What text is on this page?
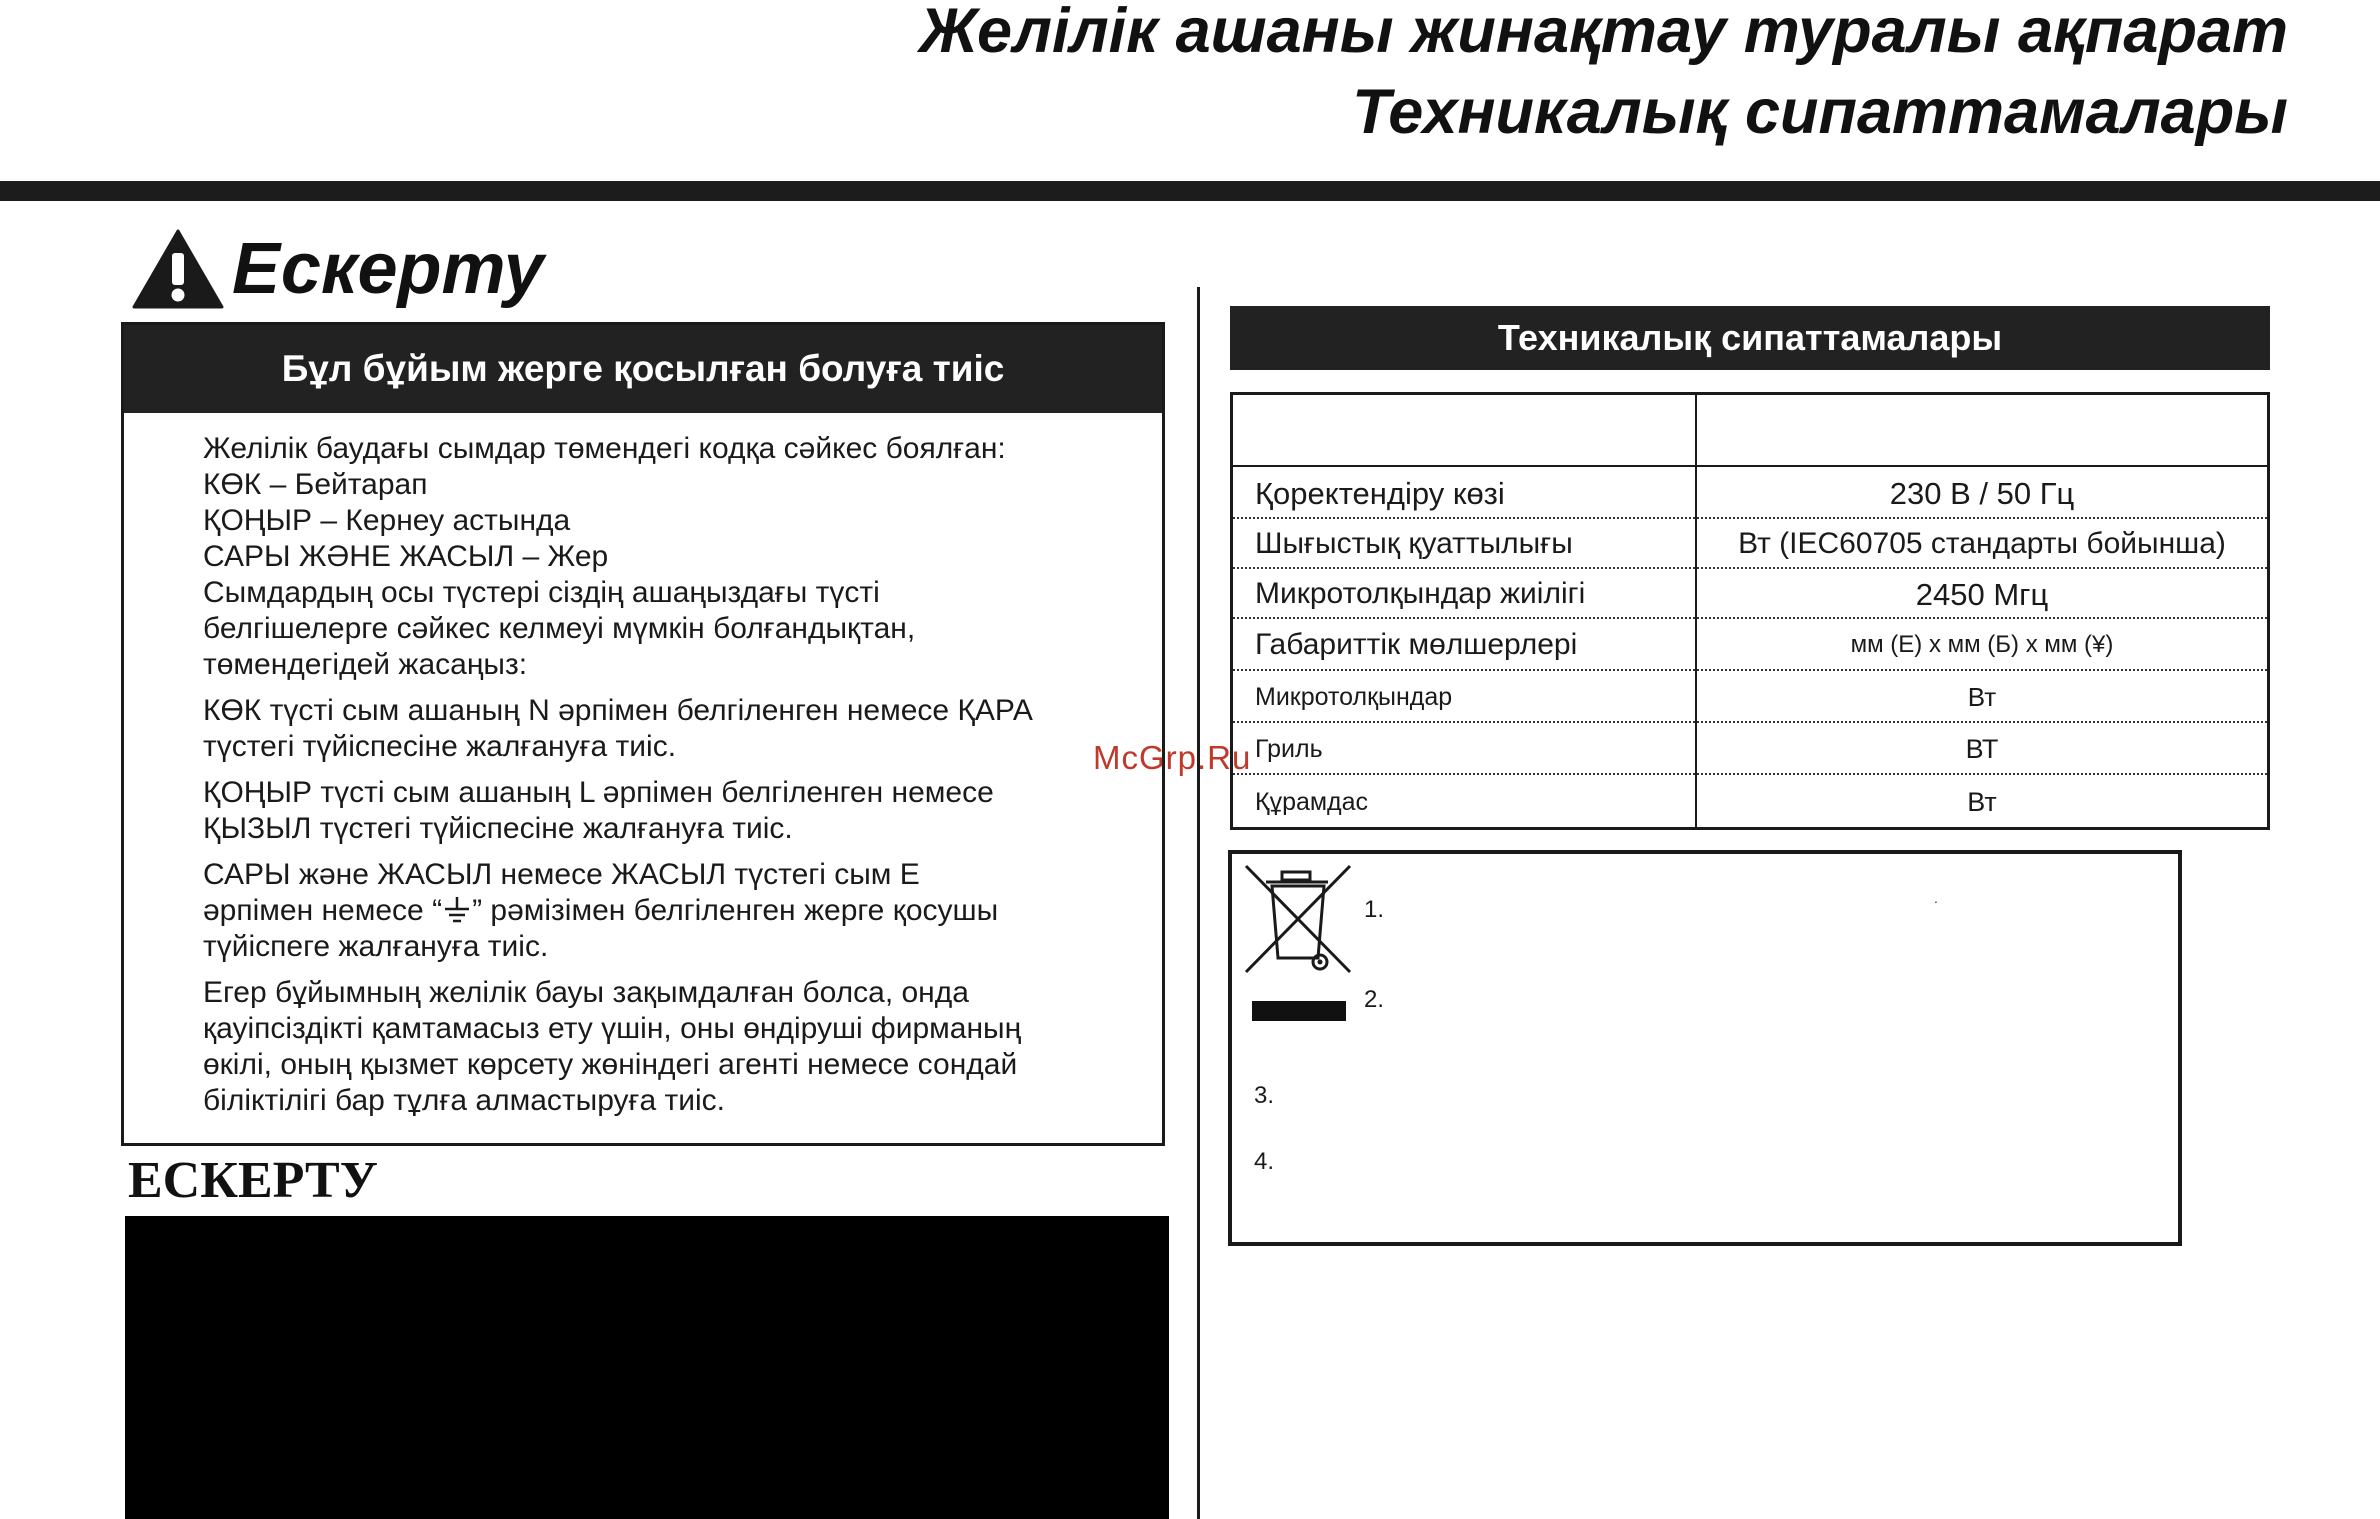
Желілік ашаны жинақтау туралы ақпарат
Техникалық сипаттамалары
Ескерту
Бұл бұйым жерге қосылған болуға тиіс
Желілік баудағы сымдар төмендегі кодқа сәйкес боялған:
КӨК – Бейтарап
ҚОҢЫР – Кернеу астында
САРЫ ЖӘНЕ ЖАСЫЛ – Жер
Сымдардың осы түстері сіздің ашаңыздағы түсті
белгішелерге сәйкес келмеуі мүмкін болғандықтан,
төмендегідей жасаңыз:
КӨК түсті сым ашаның N әрпімен белгіленген немесе ҚАРА
түстегі түйіспесіне жалғануға тиіс.
ҚОҢЫР түсті сым ашаның L әрпімен белгіленген немесе
ҚЫЗЫЛ түстегі түйіспесіне жалғануға тиіс.
САРЫ және ЖАСЫЛ немесе ЖАСЫЛ түстегі сым Е
әрпімен немесе “ ” рәмізімен белгіленген жерге қосушы
түйіспеге жалғануға тиіс.
Егер бұйымның желілік бауы зақымдалған болса, онда
қауіпсіздікті қамтамасыз ету үшін, оны өндіруші фирманың
өкілі, оның қызмет көрсету жөніндегі агенті немесе сондай
біліктілігі бар тұлға алмастыруға тиіс.
ЕСКЕРТУ
Техникалық сипаттамалары
Қоректендіру көзі	230 В / 50 Гц
Шығыстық қуаттылығы	Вт (IEC60705 стандарты бойынша)
Микротолқындар жиілігі	2450 Мгц
Габариттік мөлшерлері	мм (Е) х мм (Б) х мм (¥)
Микротолқындар	Вт
Гриль	ВТ
Құрамдас	Вт
1.
2.
3.
4.
.
McGrp.Ru
